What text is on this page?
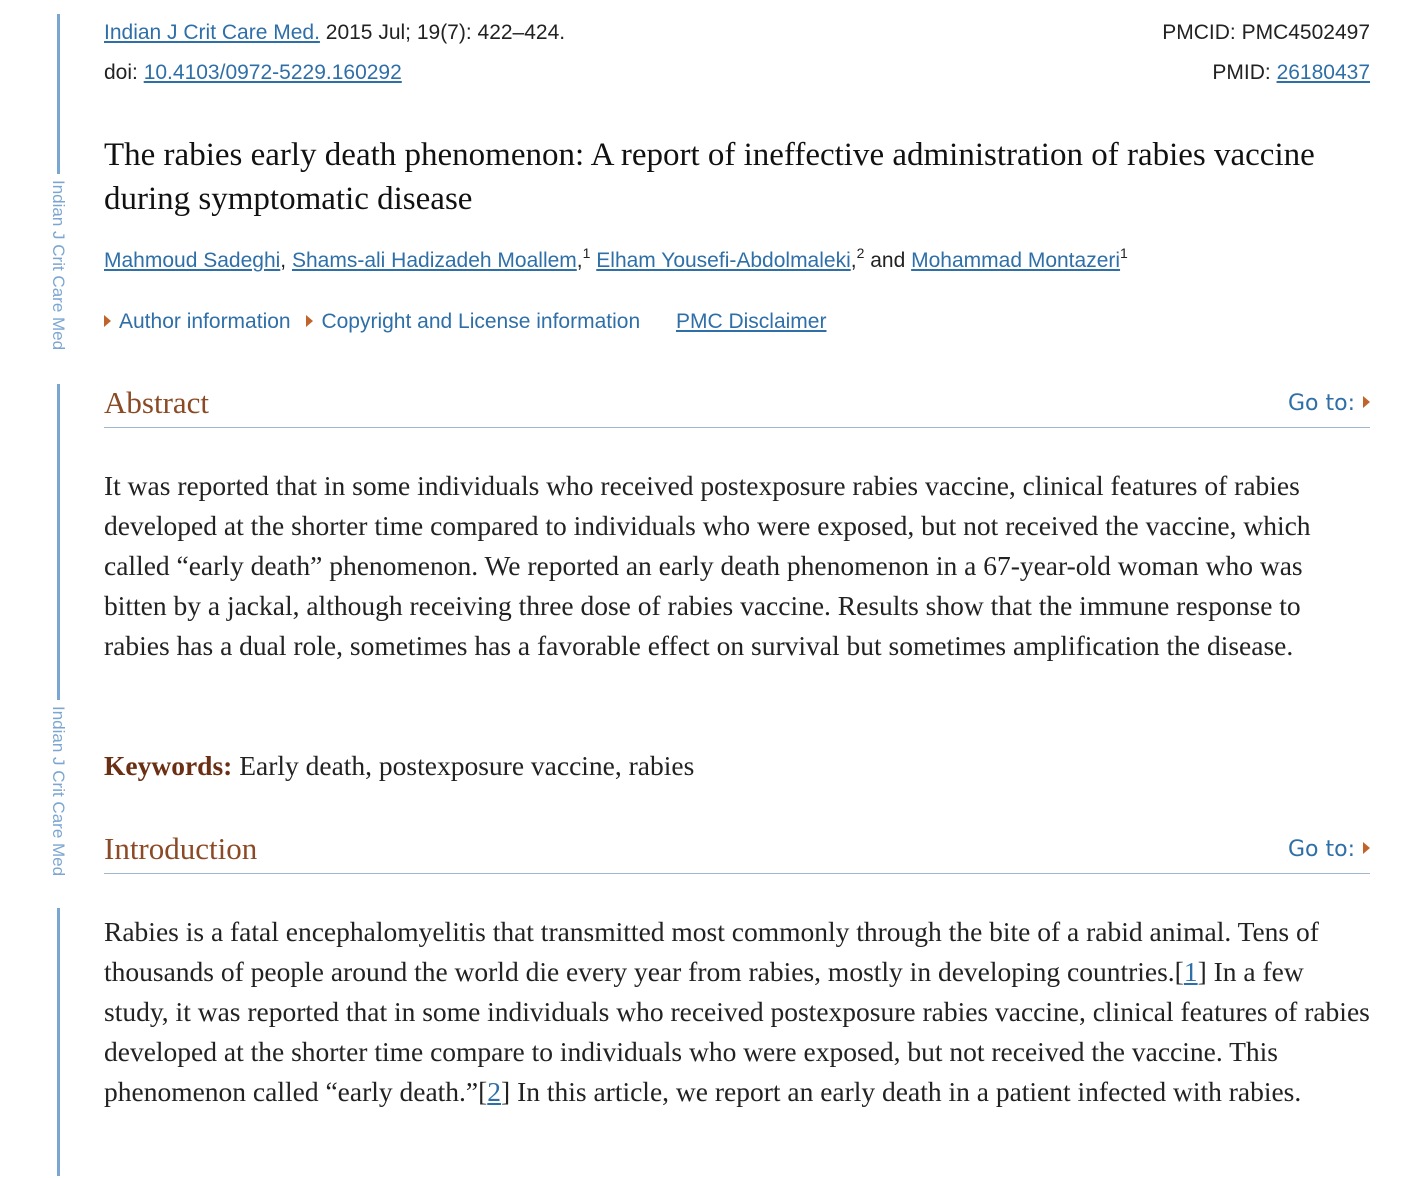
Indian J Crit Care Med
Indian J Crit Care Med
Indian J Crit Care Med. 2015 Jul; 19(7): 422–424.	PMCID: PMC4502497
doi: 10.4103/0972-5229.160292	PMID: 26180437
The rabies early death phenomenon: A report of ineffective administration of rabies vaccine during symptomatic disease
Mahmoud Sadeghi, Shams-ali Hadizadeh Moallem,$^1$ Elham Yousefi-Abdolmaleki,$^2$ and Mohammad Montazeri$^1$
Author information Copyright and License information PMC Disclaimer
Abstract	Go to:

It was reported that in some individuals who received postexposure rabies vaccine, clinical features of rabies developed at the shorter time compared to individuals who were exposed, but not received the vaccine, which called “early death” phenomenon. We reported an early death phenomenon in a 67-year-old woman who was bitten by a jackal, although receiving three dose of rabies vaccine. Results show that the immune response to rabies has a dual role, sometimes has a favorable effect on survival but sometimes amplification the disease.

Keywords: Early death, postexposure vaccine, rabies
Introduction	Go to:

Rabies is a fatal encephalomyelitis that transmitted most commonly through the bite of a rabid animal. Tens of thousands of people around the world die every year from rabies, mostly in developing countries.[1] In a few study, it was reported that in some individuals who received postexposure rabies vaccine, clinical features of rabies developed at the shorter time compare to individuals who were exposed, but not received the vaccine. This phenomenon called “early death.”[2] In this article, we report an early death in a patient infected with rabies.
